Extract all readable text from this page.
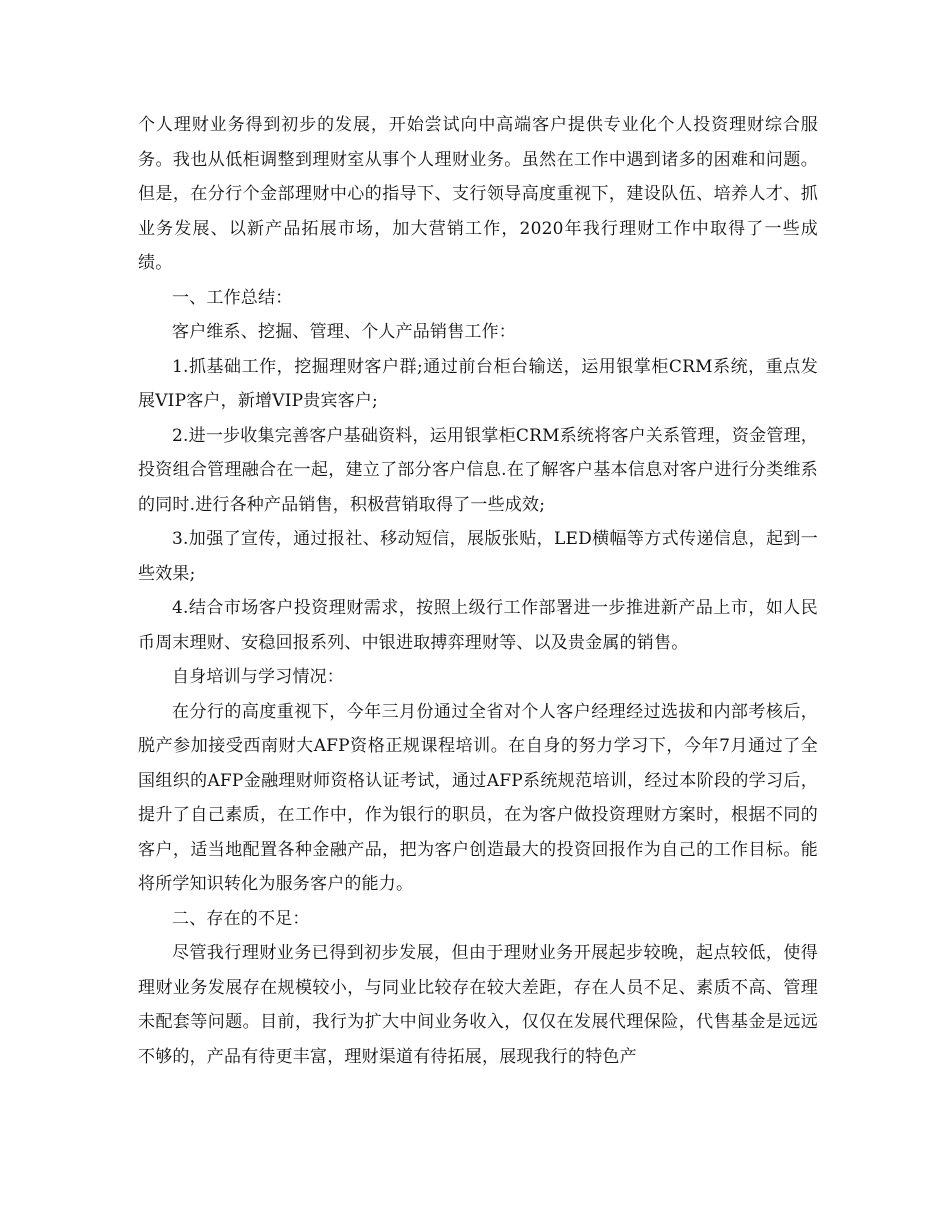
个人理财业务得到初步的发展，开始尝试向中高端客户提供专业化个人投资理财综合服务。我也从低柜调整到理财室从事个人理财业务。虽然在工作中遇到诸多的困难和问题。但是，在分行个金部理财中心的指导下、支行领导高度重视下，建设队伍、培养人才、抓业务发展、以新产品拓展市场，加大营销工作，2020年我行理财工作中取得了一些成绩。

一、工作总结：

客户维系、挖掘、管理、个人产品销售工作：

1.抓基础工作，挖掘理财客户群;通过前台柜台输送，运用银掌柜CRM系统，重点发展VIP客户，新增VIP贵宾客户;

2.进一步收集完善客户基础资料，运用银掌柜CRM系统将客户关系管理，资金管理，投资组合管理融合在一起，建立了部分客户信息.在了解客户基本信息对客户进行分类维系的同时.进行各种产品销售，积极营销取得了一些成效;

3.加强了宣传，通过报社、移动短信，展版张贴，LED横幅等方式传递信息，起到一些效果;

4.结合市场客户投资理财需求，按照上级行工作部署进一步推进新产品上市，如人民币周末理财、安稳回报系列、中银进取搏弈理财等、以及贵金属的销售。

自身培训与学习情况：

在分行的高度重视下，今年三月份通过全省对个人客户经理经过选拔和内部考核后，脱产参加接受西南财大AFP资格正规课程培训。在自身的努力学习下，今年7月通过了全国组织的AFP金融理财师资格认证考试，通过AFP系统规范培训，经过本阶段的学习后，提升了自己素质，在工作中，作为银行的职员，在为客户做投资理财方案时，根据不同的客户，适当地配置各种金融产品，把为客户创造最大的投资回报作为自己的工作目标。能将所学知识转化为服务客户的能力。

二、存在的不足：

尽管我行理财业务已得到初步发展，但由于理财业务开展起步较晚，起点较低，使得理财业务发展存在规模较小，与同业比较存在较大差距，存在人员不足、素质不高、管理未配套等问题。目前，我行为扩大中间业务收入，仅仅在发展代理保险，代售基金是远远不够的，产品有待更丰富，理财渠道有待拓展，展现我行的特色产
